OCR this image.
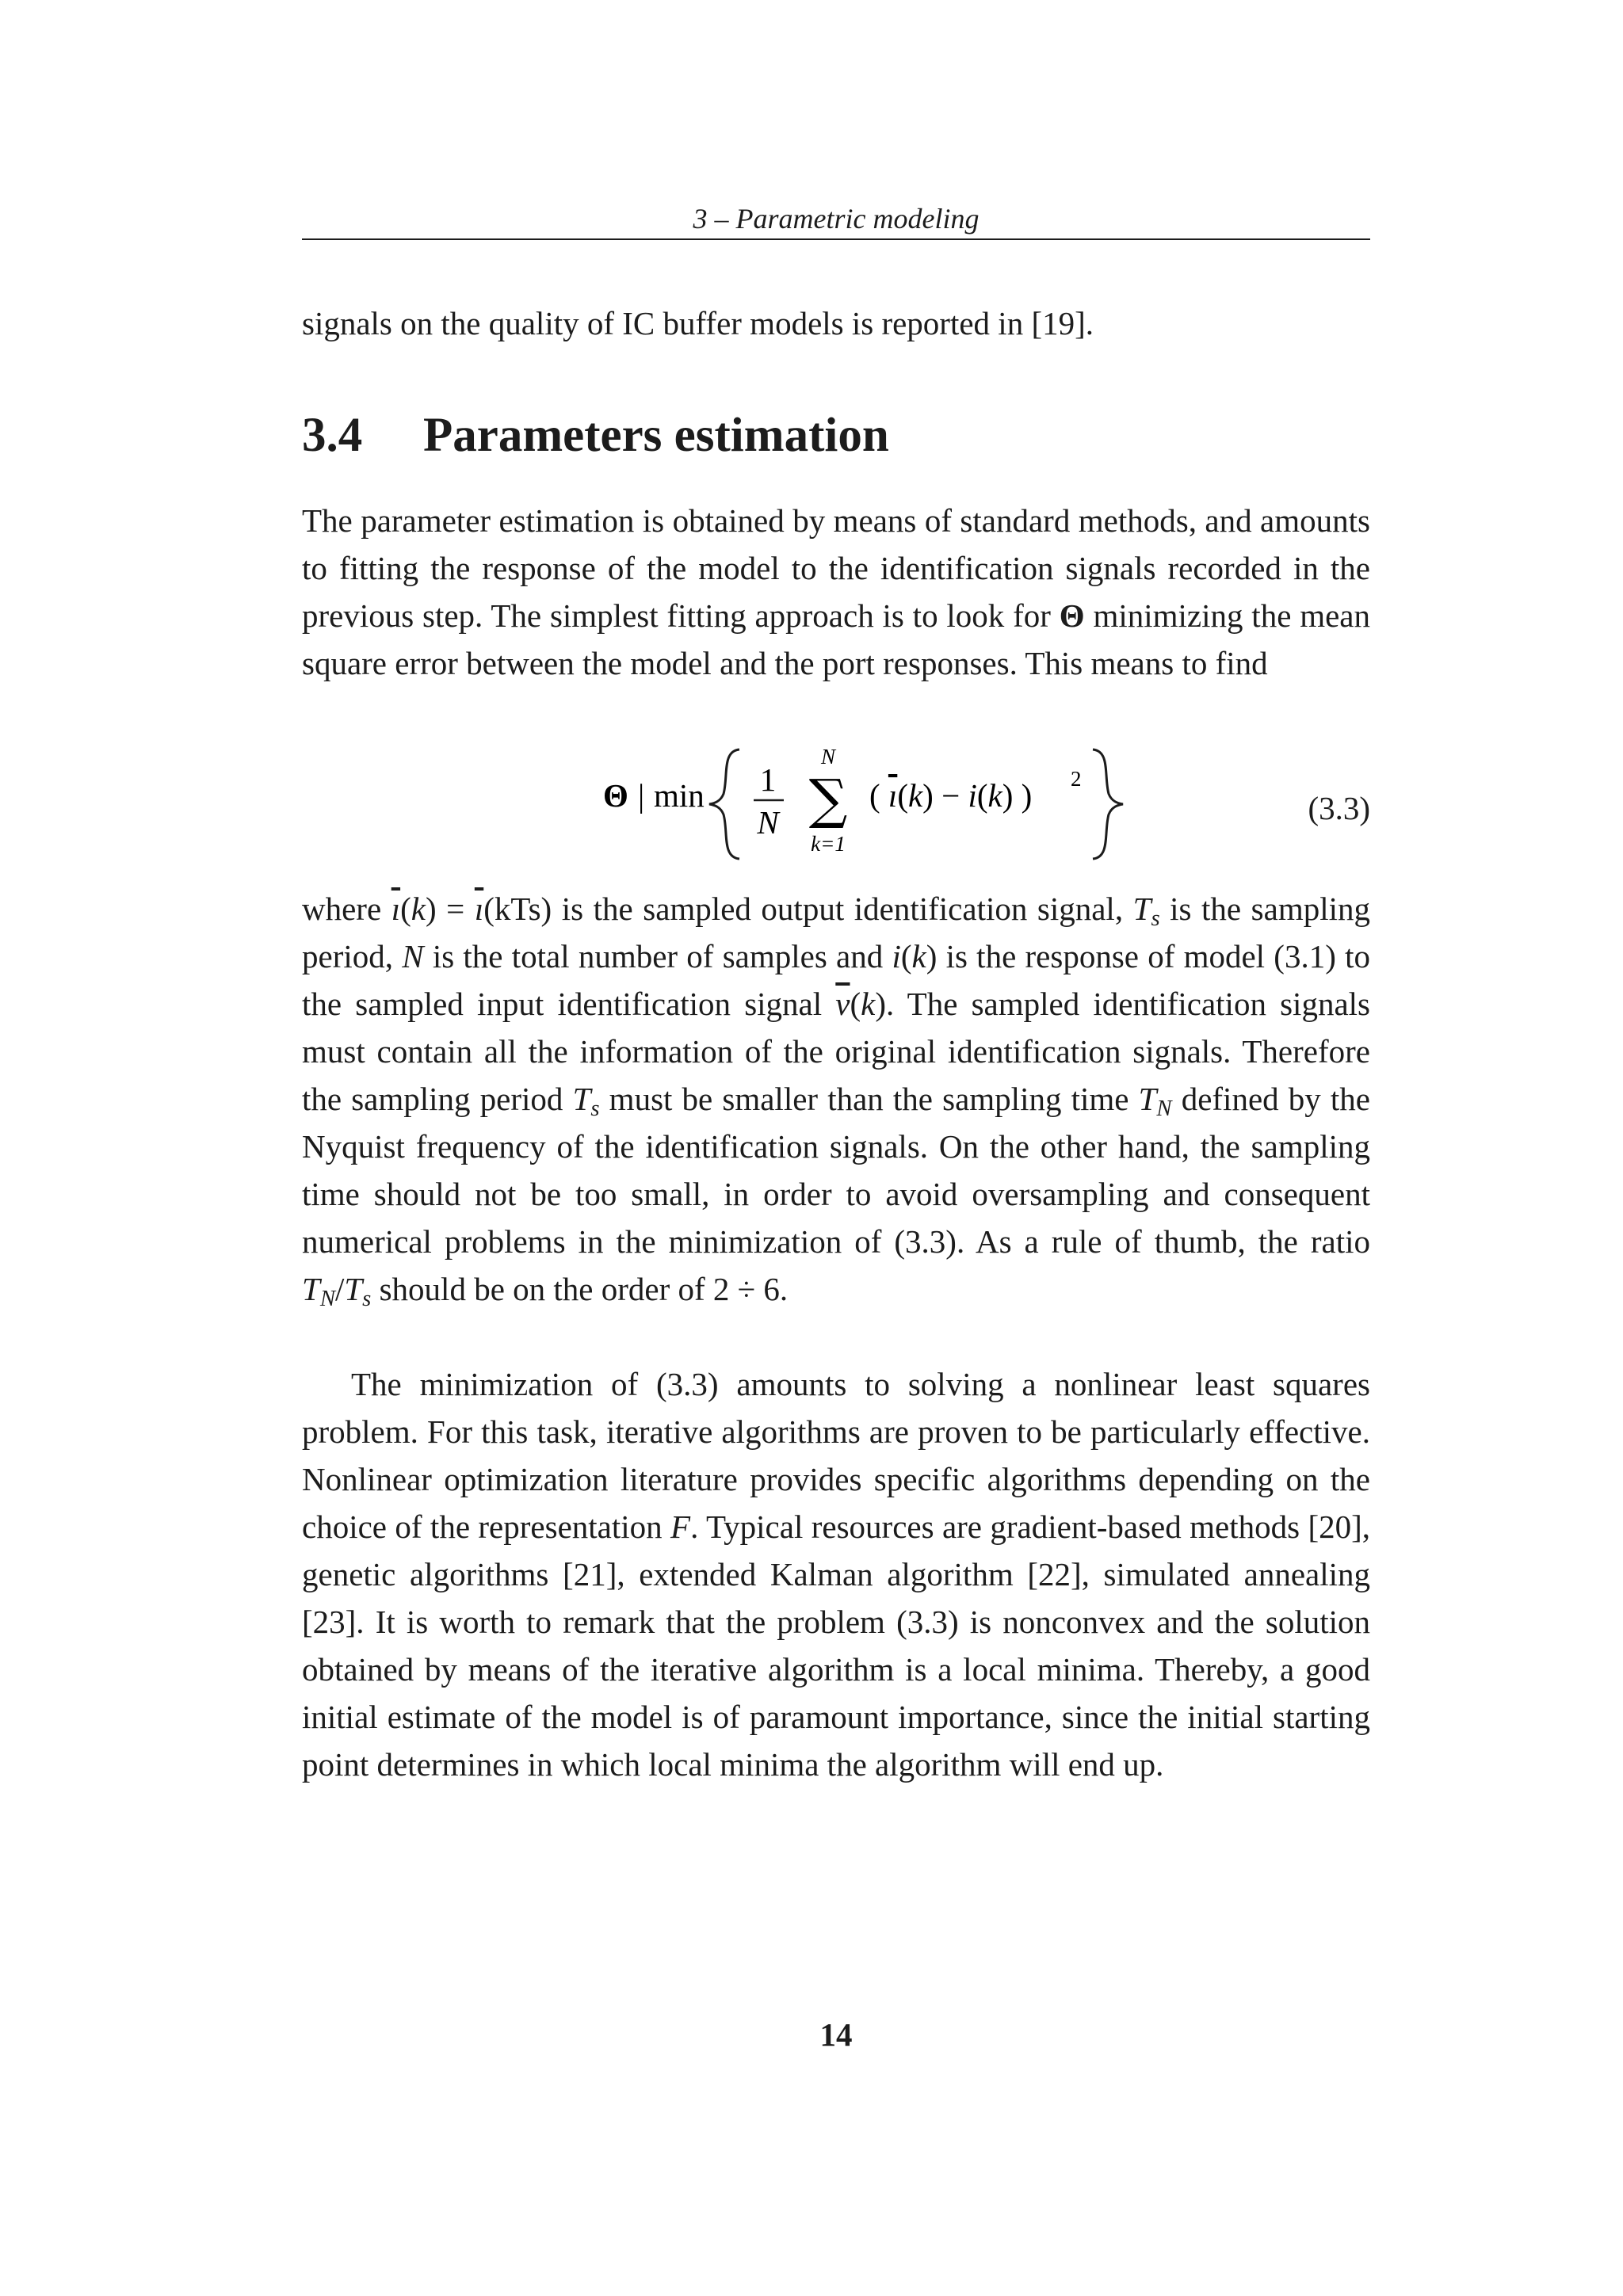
3 – Parametric modeling

signals on the quality of IC buffer models is reported in [19].

3.4 Parameters estimation

The parameter estimation is obtained by means of standard methods, and amounts to fitting the response of the model to the identification signals recorded in the previous step. The simplest fitting approach is to look for Θ minimizing the mean square error between the model and the port responses. This means to find

Θ | min 1
N
N
∑
k=1
( ı(k) − i(k) ) 2
(3.3)

where $\overline{ı}(k) = \overline{ı}(kTs)$ is the sampled output identification signal, $T_s$ is the sampling period, N is the total number of samples and i(k) is the response of model (3.1) to the sampled input identification signal $\overline{v}(k)$. The sampled identification signals must contain all the information of the original identification signals. Therefore the sampling period $T_s$ must be smaller than the sampling time $T_N$ defined by the Nyquist frequency of the identification signals. On the other hand, the sampling time should not be too small, in order to avoid oversampling and consequent numerical problems in the minimization of (3.3). As a rule of thumb, the ratio $T_N/T_s$ should be on the order of 2 ÷ 6.

The minimization of (3.3) amounts to solving a nonlinear least squares problem. For this task, iterative algorithms are proven to be particularly effective. Nonlinear optimization literature provides specific algorithms depending on the choice of the representation F. Typical resources are gradient-based methods [20], genetic algorithms [21], extended Kalman algorithm [22], simulated annealing [23]. It is worth to remark that the problem (3.3) is nonconvex and the solution obtained by means of the iterative algorithm is a local minima. Thereby, a good initial estimate of the model is of paramount importance, since the initial starting point determines in which local minima the algorithm will end up.

14
